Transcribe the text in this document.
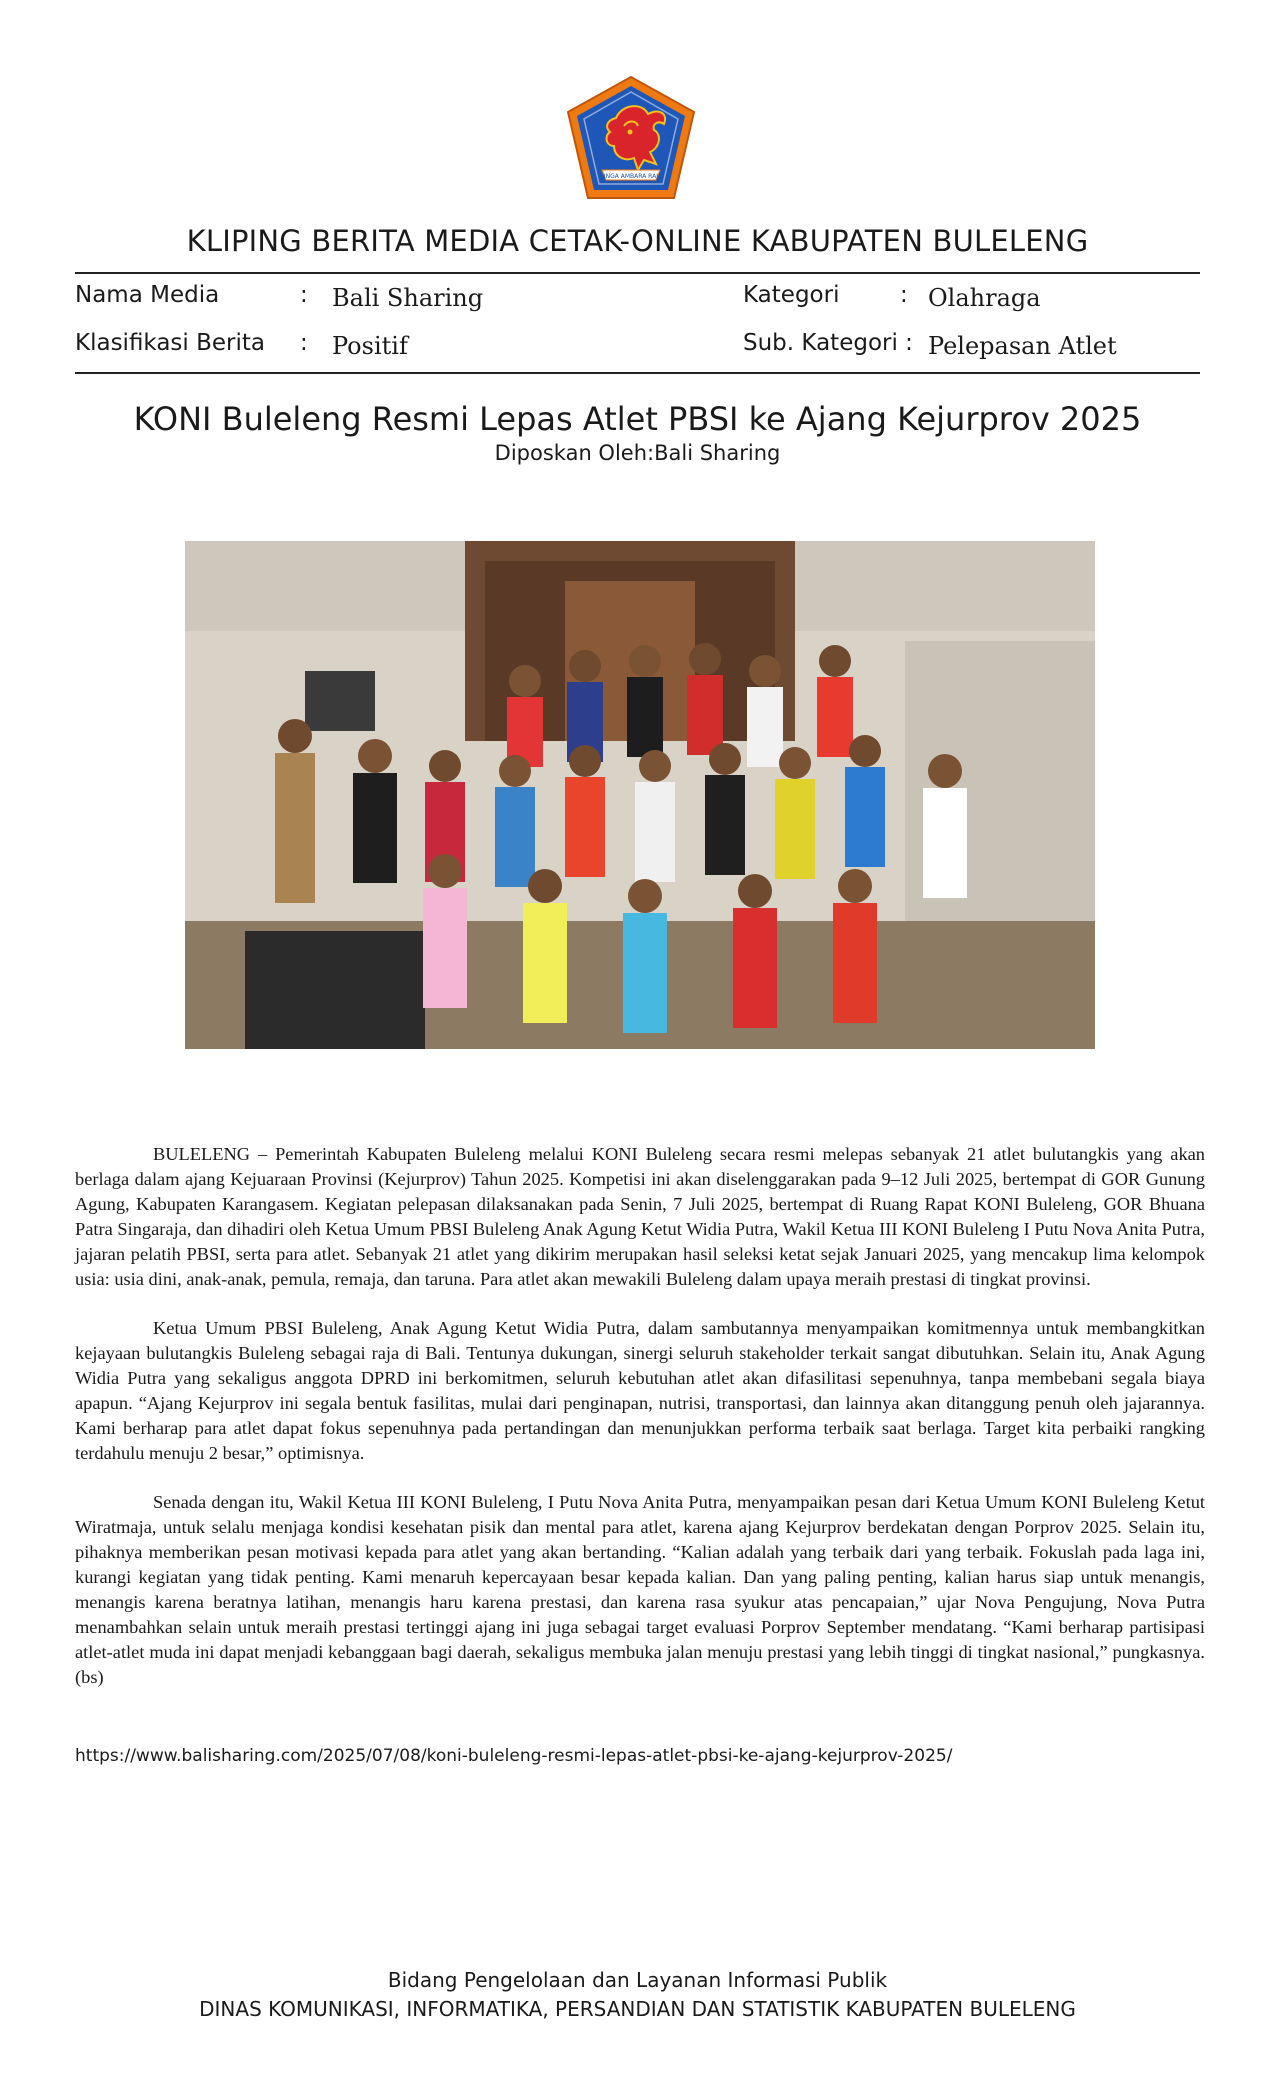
SINGA AMBARA RAJA
KLIPING BERITA MEDIA CETAK-ONLINE KABUPATEN BULELENG
Nama Media	: Bali Sharing
Klasifikasi Berita : Positif
Kategori	: Olahraga
Sub. Kategori : Pelepasan Atlet
KONI Buleleng Resmi Lepas Atlet PBSI ke Ajang Kejurprov 2025
Diposkan Oleh:Bali Sharing

BULELENG – Pemerintah Kabupaten Buleleng melalui KONI Buleleng secara resmi melepas sebanyak 21 atlet bulutangkis yang akan berlaga dalam ajang Kejuaraan Provinsi (Kejurprov) Tahun 2025. Kompetisi ini akan diselenggarakan pada 9–12 Juli 2025, bertempat di GOR Gunung Agung, Kabupaten Karangasem. Kegiatan pelepasan dilaksanakan pada Senin, 7 Juli 2025, bertempat di Ruang Rapat KONI Buleleng, GOR Bhuana Patra Singaraja, dan dihadiri oleh Ketua Umum PBSI Buleleng Anak Agung Ketut Widia Putra, Wakil Ketua III KONI Buleleng I Putu Nova Anita Putra, jajaran pelatih PBSI, serta para atlet. Sebanyak 21 atlet yang dikirim merupakan hasil seleksi ketat sejak Januari 2025, yang mencakup lima kelompok usia: usia dini, anak-anak, pemula, remaja, dan taruna. Para atlet akan mewakili Buleleng dalam upaya meraih prestasi di tingkat provinsi.

Ketua Umum PBSI Buleleng, Anak Agung Ketut Widia Putra, dalam sambutannya menyampaikan komitmennya untuk membangkitkan kejayaan bulutangkis Buleleng sebagai raja di Bali. Tentunya dukungan, sinergi seluruh stakeholder terkait sangat dibutuhkan. Selain itu, Anak Agung Widia Putra yang sekaligus anggota DPRD ini berkomitmen, seluruh kebutuhan atlet akan difasilitasi sepenuhnya, tanpa membebani segala biaya apapun. “Ajang Kejurprov ini segala bentuk fasilitas, mulai dari penginapan, nutrisi, transportasi, dan lainnya akan ditanggung penuh oleh jajarannya. Kami berharap para atlet dapat fokus sepenuhnya pada pertandingan dan menunjukkan performa terbaik saat berlaga. Target kita perbaiki rangking terdahulu menuju 2 besar,” optimisnya.

Senada dengan itu, Wakil Ketua III KONI Buleleng, I Putu Nova Anita Putra, menyampaikan pesan dari Ketua Umum KONI Buleleng Ketut Wiratmaja, untuk selalu menjaga kondisi kesehatan pisik dan mental para atlet, karena ajang Kejurprov berdekatan dengan Porprov 2025. Selain itu, pihaknya memberikan pesan motivasi kepada para atlet yang akan bertanding. “Kalian adalah yang terbaik dari yang terbaik. Fokuslah pada laga ini, kurangi kegiatan yang tidak penting. Kami menaruh kepercayaan besar kepada kalian. Dan yang paling penting, kalian harus siap untuk menangis, menangis karena beratnya latihan, menangis haru karena prestasi, dan karena rasa syukur atas pencapaian,” ujar Nova Pengujung, Nova Putra menambahkan selain untuk meraih prestasi tertinggi ajang ini juga sebagai target evaluasi Porprov September mendatang. “Kami berharap partisipasi atlet-atlet muda ini dapat menjadi kebanggaan bagi daerah, sekaligus membuka jalan menuju prestasi yang lebih tinggi di tingkat nasional,” pungkasnya. (bs)

https://www.balisharing.com/2025/07/08/koni-buleleng-resmi-lepas-atlet-pbsi-ke-ajang-kejurprov-2025/
Bidang Pengelolaan dan Layanan Informasi Publik
DINAS KOMUNIKASI, INFORMATIKA, PERSANDIAN DAN STATISTIK KABUPATEN BULELENG
